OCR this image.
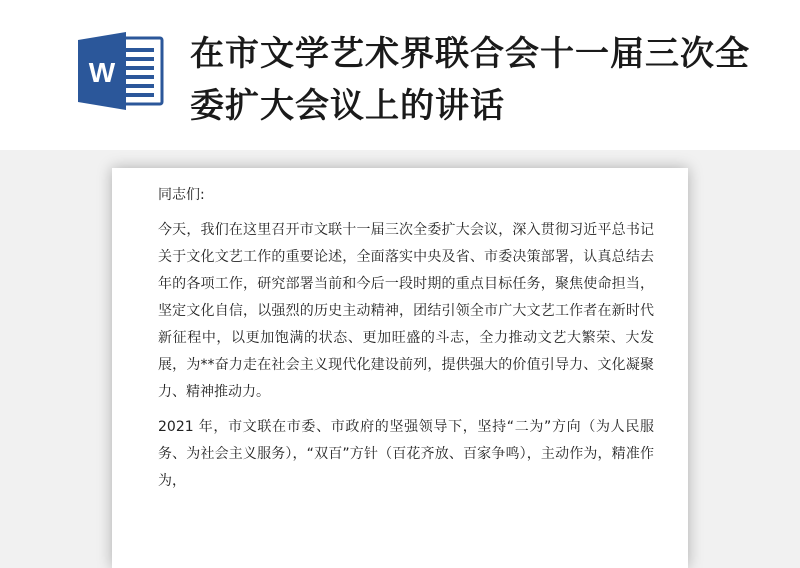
W 在市文学艺术界联合会十一届三次全委扩大会议上的讲话

同志们:

今天，我们在这里召开市文联十一届三次全委扩大会议，深入贯彻习近平总书记关于文化文艺工作的重要论述，全面落实中央及省、市委决策部署，认真总结去年的各项工作，研究部署当前和今后一段时期的重点目标任务，聚焦使命担当，坚定文化自信，以强烈的历史主动精神，团结引领全市广大文艺工作者在新时代新征程中，以更加饱满的状态、更加旺盛的斗志，全力推动文艺大繁荣、大发展，为**奋力走在社会主义现代化建设前列，提供强大的价值引导力、文化凝聚力、精神推动力。

2021 年，市文联在市委、市政府的坚强领导下，坚持“二为”方向（为人民服务、为社会主义服务），“双百”方针（百花齐放、百家争鸣），主动作为，精准作为，
